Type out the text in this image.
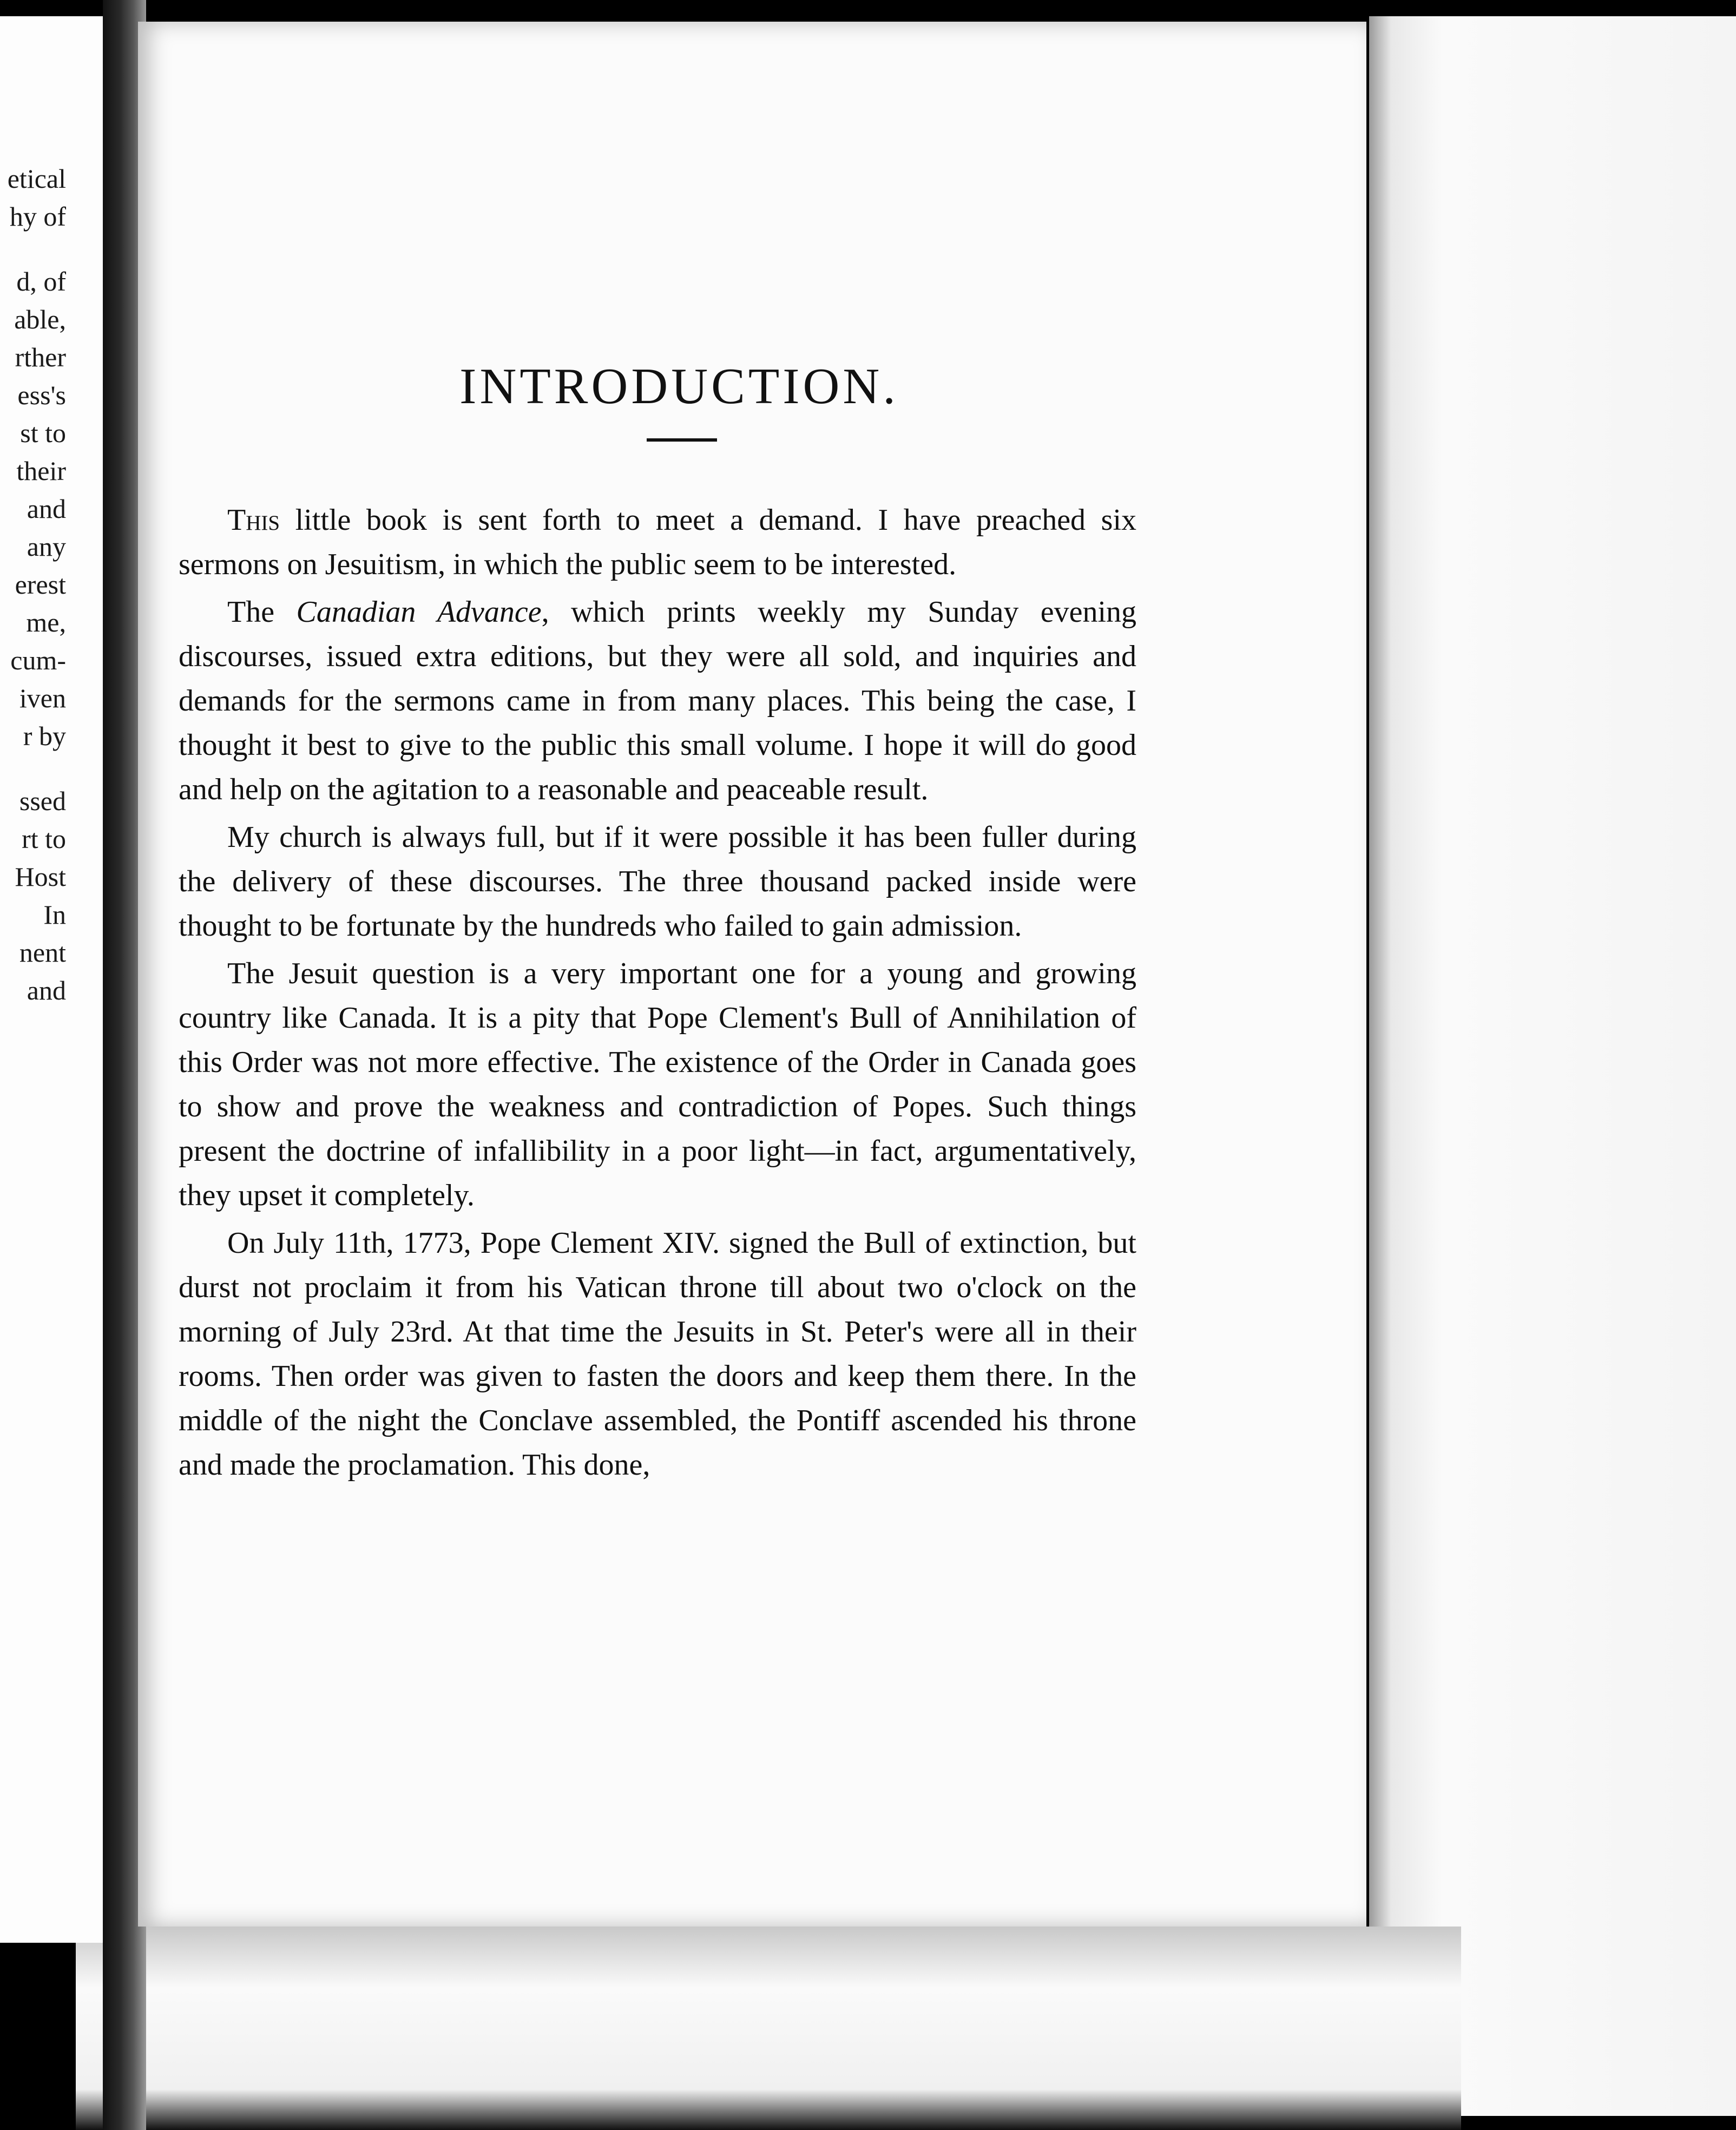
etical
hy of
d, of
able,
rther
ess's
st to
their
and
any
erest
me,
cum-
iven
r by
ssed
rt to
Host
In
nent
and
INTRODUCTION.

This little book is sent forth to meet a demand. I have preached six sermons on Jesuitism, in which the public seem to be interested.

The Canadian Advance, which prints weekly my Sunday evening discourses, issued extra editions, but they were all sold, and inquiries and demands for the sermons came in from many places. This being the case, I thought it best to give to the public this small volume. I hope it will do good and help on the agitation to a reasonable and peaceable result.

My church is always full, but if it were possible it has been fuller during the delivery of these discourses. The three thousand packed inside were thought to be fortunate by the hundreds who failed to gain admission.

The Jesuit question is a very important one for a young and growing country like Canada. It is a pity that Pope Clement's Bull of Annihilation of this Order was not more effective. The existence of the Order in Canada goes to show and prove the weakness and contradiction of Popes. Such things present the doctrine of infallibility in a poor light—in fact, argumentatively, they upset it completely.

On July 11th, 1773, Pope Clement XIV. signed the Bull of extinction, but durst not proclaim it from his Vatican throne till about two o'clock on the morning of July 23rd. At that time the Jesuits in St. Peter's were all in their rooms. Then order was given to fasten the doors and keep them there. In the middle of the night the Conclave assembled, the Pontiff ascended his throne and made the proclamation. This done,
